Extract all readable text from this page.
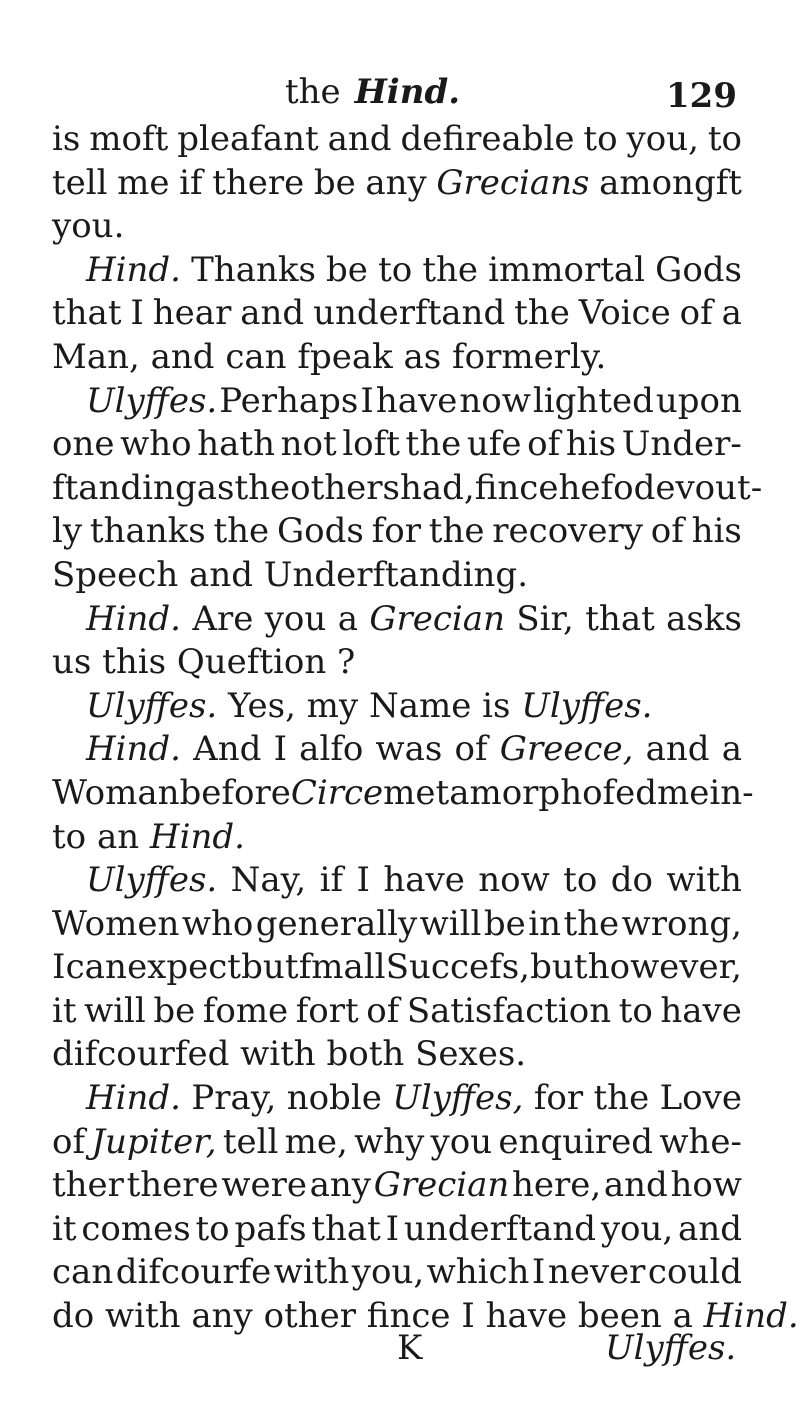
the Hind.	129
is moft pleafant and defireable to you, to
tell me if there be any Grecians amongft
you.
Hind. Thanks be to the immortal Gods
that I hear and underftand the Voice of a
Man, and can fpeak as formerly.
Ulyffes. Perhaps I have now lighted upon
one who hath not loft the ufe of his Under-
ftanding as the others had, fince he fo devout-
ly thanks the Gods for the recovery of his
Speech and Underftanding.
Hind. Are you a Grecian Sir, that asks
us this Queftion ?
Ulyffes. Yes, my Name is Ulyffes.
Hind. And I alfo was of Greece, and a
Woman before Circe metamorphofed me in-
to an Hind.
Ulyffes. Nay, if I have now to do with
Women who generally will be in the wrong,
I can expect but fmall Succefs, but however,
it will be fome fort of Satisfaction to have
difcourfed with both Sexes.
Hind. Pray, noble Ulyffes, for the Love
of Jupiter, tell me, why you enquired whe-
ther there were any Grecian here, and how
it comes to pafs that I underftand you, and
can difcourfe with you, which I never could
do with any other fince I have been a Hind.
K	Ulyffes.
